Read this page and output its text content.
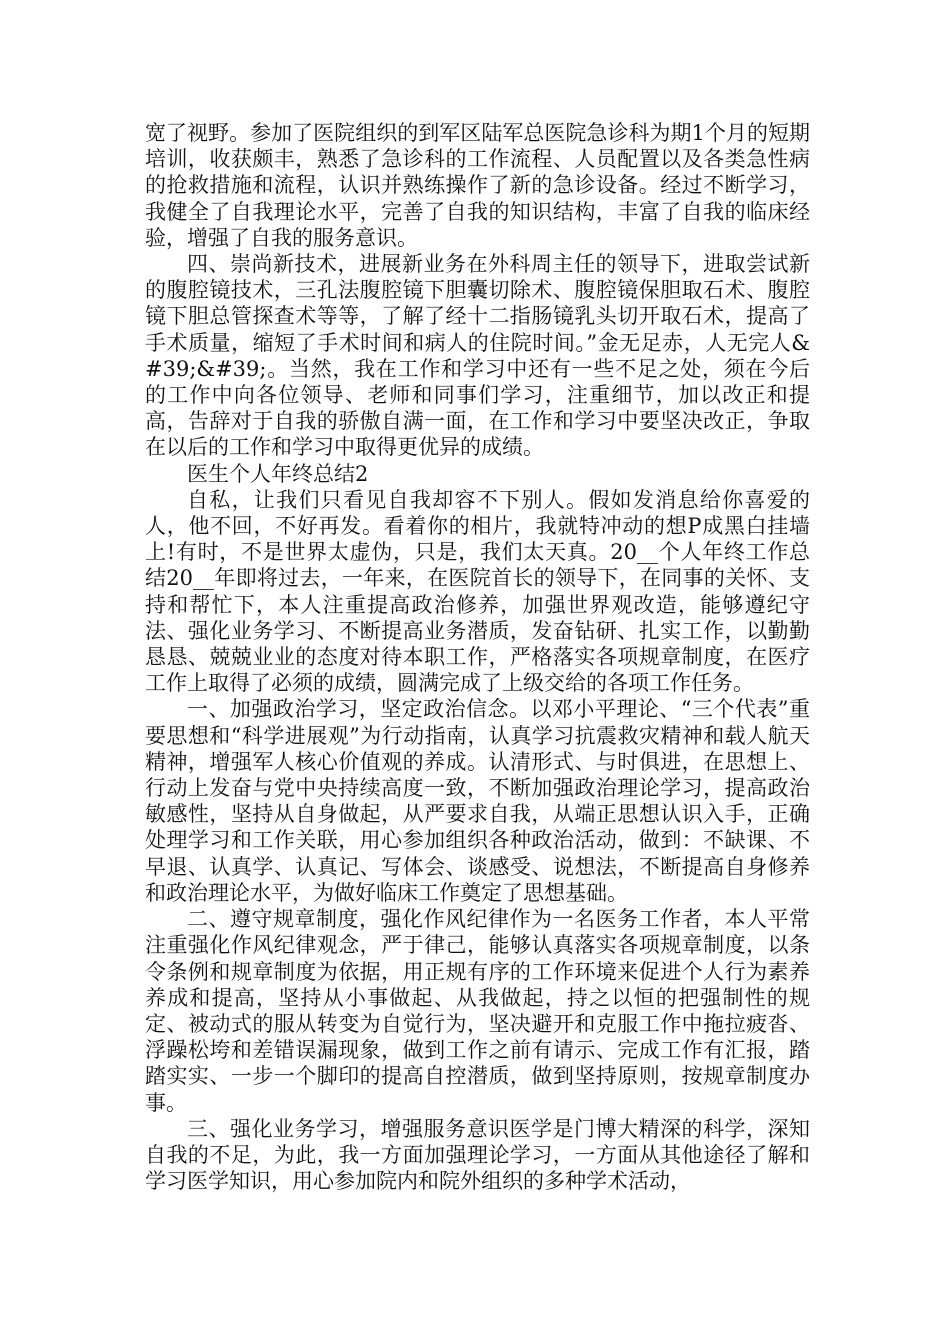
宽了视野。参加了医院组织的到军区陆军总医院急诊科为期1个月的短期培训，收获颇丰，熟悉了急诊科的工作流程、人员配置以及各类急性病的抢救措施和流程，认识并熟练操作了新的急诊设备。经过不断学习，我健全了自我理论水平，完善了自我的知识结构，丰富了自我的临床经验，增强了自我的服务意识。

四、崇尚新技术，进展新业务在外科周主任的领导下，进取尝试新的腹腔镜技术，三孔法腹腔镜下胆囊切除术、腹腔镜保胆取石术、腹腔镜下胆总管探查术等等，了解了经十二指肠镜乳头切开取石术，提高了手术质量，缩短了手术时间和病人的住院时间。”金无足赤，人无完人&#39;&#39;。当然，我在工作和学习中还有一些不足之处，须在今后的工作中向各位领导、老师和同事们学习，注重细节，加以改正和提高，告辞对于自我的骄傲自满一面，在工作和学习中要坚决改正，争取在以后的工作和学习中取得更优异的成绩。

医生个人年终总结2

自私，让我们只看见自我却容不下别人。假如发消息给你喜爱的人，他不回，不好再发。看着你的相片，我就特冲动的想P成黑白挂墙上!有时，不是世界太虚伪，只是，我们太天真。20__个人年终工作总结20__年即将过去，一年来，在医院首长的领导下，在同事的关怀、支持和帮忙下，本人注重提高政治修养，加强世界观改造，能够遵纪守法、强化业务学习、不断提高业务潜质，发奋钻研、扎实工作，以勤勤恳恳、兢兢业业的态度对待本职工作，严格落实各项规章制度，在医疗工作上取得了必须的成绩，圆满完成了上级交给的各项工作任务。

一、加强政治学习，坚定政治信念。以邓小平理论、“三个代表”重要思想和“科学进展观”为行动指南，认真学习抗震救灾精神和载人航天精神，增强军人核心价值观的养成。认清形式、与时俱进，在思想上、行动上发奋与党中央持续高度一致，不断加强政治理论学习，提高政治敏感性，坚持从自身做起，从严要求自我，从端正思想认识入手，正确处理学习和工作关联，用心参加组织各种政治活动，做到：不缺课、不早退、认真学、认真记、写体会、谈感受、说想法，不断提高自身修养和政治理论水平，为做好临床工作奠定了思想基础。

二、遵守规章制度，强化作风纪律作为一名医务工作者，本人平常注重强化作风纪律观念，严于律己，能够认真落实各项规章制度，以条令条例和规章制度为依据，用正规有序的工作环境来促进个人行为素养养成和提高，坚持从小事做起、从我做起，持之以恒的把强制性的规定、被动式的服从转变为自觉行为，坚决避开和克服工作中拖拉疲沓、浮躁松垮和差错误漏现象，做到工作之前有请示、完成工作有汇报，踏踏实实、一步一个脚印的提高自控潜质，做到坚持原则，按规章制度办事。

三、强化业务学习，增强服务意识医学是门博大精深的科学，深知自我的不足，为此，我一方面加强理论学习，一方面从其他途径了解和学习医学知识，用心参加院内和院外组织的多种学术活动，
